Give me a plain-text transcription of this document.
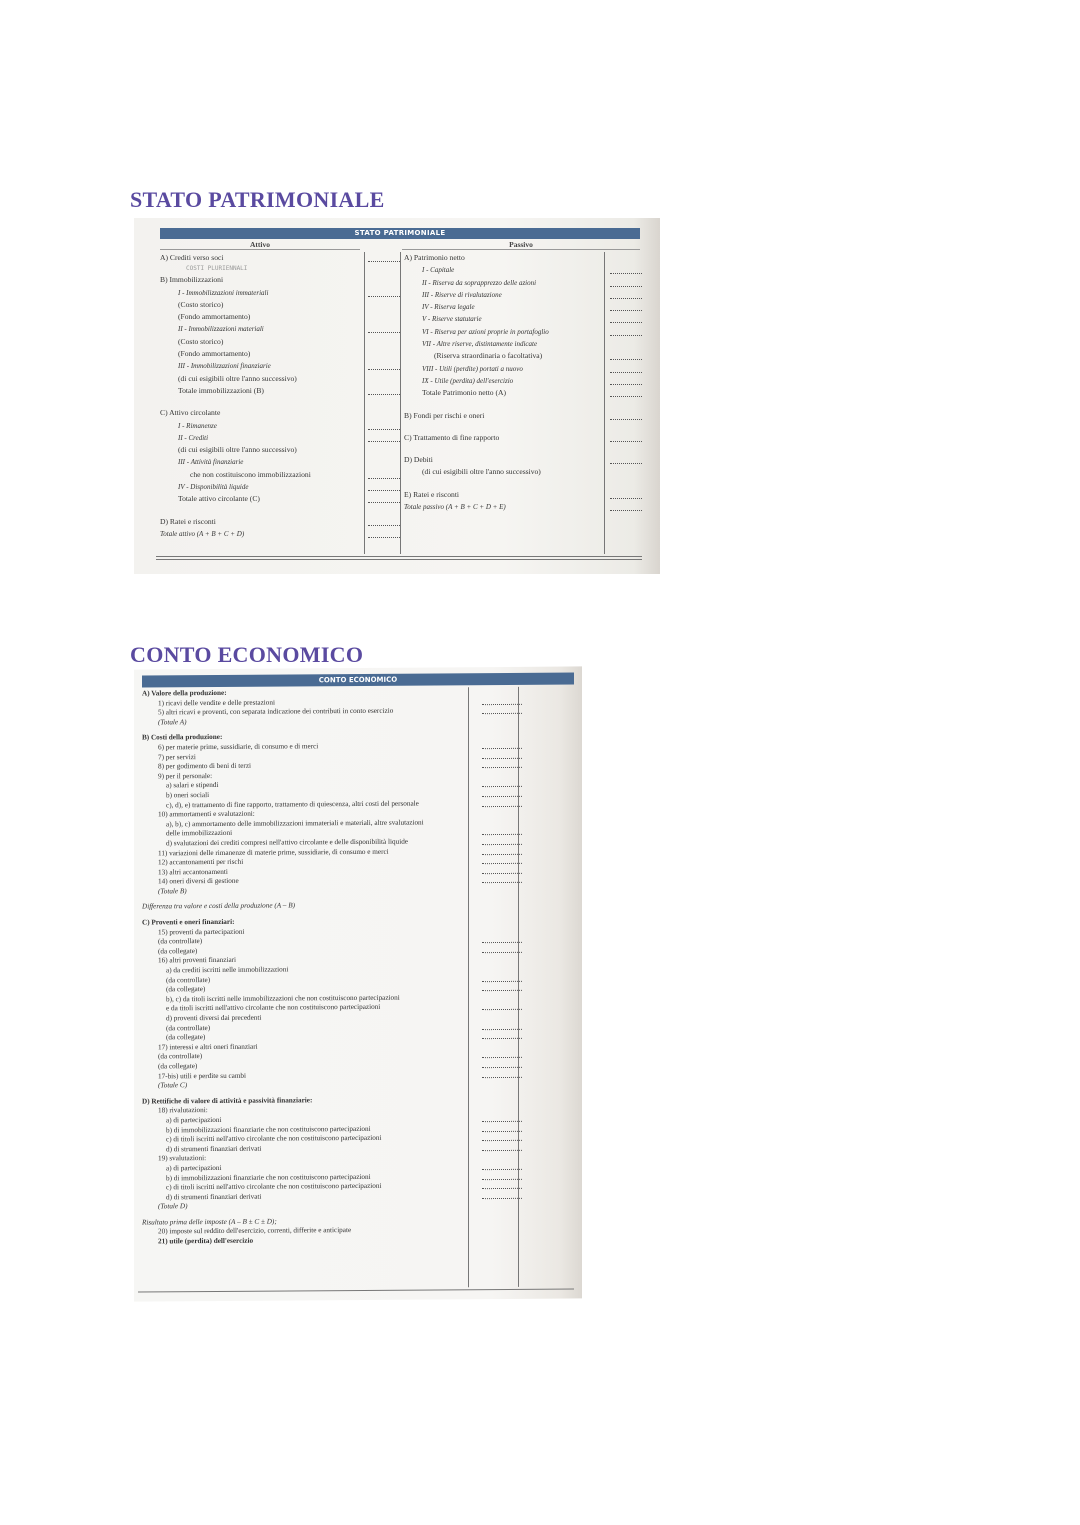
STATO PATRIMONIALE
STATO PATRIMONIALE
Attivo	Passivo
COSTI PLURIENNALI
A) Crediti verso soci
B) Immobilizzazioni
I - Immobilizzazioni immateriali
(Costo storico)
(Fondo ammortamento)
II - Immobilizzazioni materiali
(Costo storico)
(Fondo ammortamento)
III - Immobilizzazioni finanziarie
(di cui esigibili oltre l'anno successivo)
Totale immobilizzazioni (B)
C) Attivo circolante
I - Rimanenze
II - Crediti
(di cui esigibili oltre l'anno successivo)
III - Attività finanziarie
che non costituiscono immobilizzazioni
IV - Disponibilità liquide
Totale attivo circolante (C)
D) Ratei e risconti
Totale attivo (A + B + C + D)
A) Patrimonio netto
I - Capitale
II - Riserva da soprapprezzo delle azioni
III - Riserve di rivalutazione
IV - Riserva legale
V - Riserve statutarie
VI - Riserva per azioni proprie in portafoglio
VII - Altre riserve, distintamente indicate
(Riserva straordinaria o facoltativa)
VIII - Utili (perdite) portati a nuovo
IX - Utile (perdita) dell'esercizio
Totale Patrimonio netto (A)
B) Fondi per rischi e oneri
C) Trattamento di fine rapporto
D) Debiti
(di cui esigibili oltre l'anno successivo)
E) Ratei e risconti
Totale passivo (A + B + C + D + E)
CONTO ECONOMICO
CONTO ECONOMICO
A) Valore della produzione:
1) ricavi delle vendite e delle prestazioni
5) altri ricavi e proventi, con separata indicazione dei contributi in conto esercizio
(Totale A)
B) Costi della produzione:
6) per materie prime, sussidiarie, di consumo e di merci
7) per servizi
8) per godimento di beni di terzi
9) per il personale:
a) salari e stipendi
b) oneri sociali
c), d), e) trattamento di fine rapporto, trattamento di quiescenza, altri costi del personale
10) ammortamenti e svalutazioni:
a), b), c) ammortamento delle immobilizzazioni immateriali e materiali, altre svalutazioni
delle immobilizzazioni
d) svalutazioni dei crediti compresi nell'attivo circolante e delle disponibilità liquide
11) variazioni delle rimanenze di materie prime, sussidiarie, di consumo e merci
12) accantonamenti per rischi
13) altri accantonamenti
14) oneri diversi di gestione
(Totale B)
Differenza tra valore e costi della produzione (A – B)
C) Proventi e oneri finanziari:
15) proventi da partecipazioni
(da controllate)
(da collegate)
16) altri proventi finanziari
a) da crediti iscritti nelle immobilizzazioni
(da controllate)
(da collegate)
b), c) da titoli iscritti nelle immobilizzazioni che non costituiscono partecipazioni
e da titoli iscritti nell'attivo circolante che non costituiscono partecipazioni
d) proventi diversi dai precedenti
(da controllate)
(da collegate)
17) interessi e altri oneri finanziari
(da controllate)
(da collegate)
17-bis) utili e perdite su cambi
(Totale C)
D) Rettifiche di valore di attività e passività finanziarie:
18) rivalutazioni:
a) di partecipazioni
b) di immobilizzazioni finanziarie che non costituiscono partecipazioni
c) di titoli iscritti nell'attivo circolante che non costituiscono partecipazioni
d) di strumenti finanziari derivati
19) svalutazioni:
a) di partecipazioni
b) di immobilizzazioni finanziarie che non costituiscono partecipazioni
c) di titoli iscritti nell'attivo circolante che non costituiscono partecipazioni
d) di strumenti finanziari derivati
(Totale D)
Risultato prima delle imposte (A – B ± C ± D);
20) imposte sul reddito dell'esercizio, correnti, differite e anticipate
21) utile (perdita) dell'esercizio
